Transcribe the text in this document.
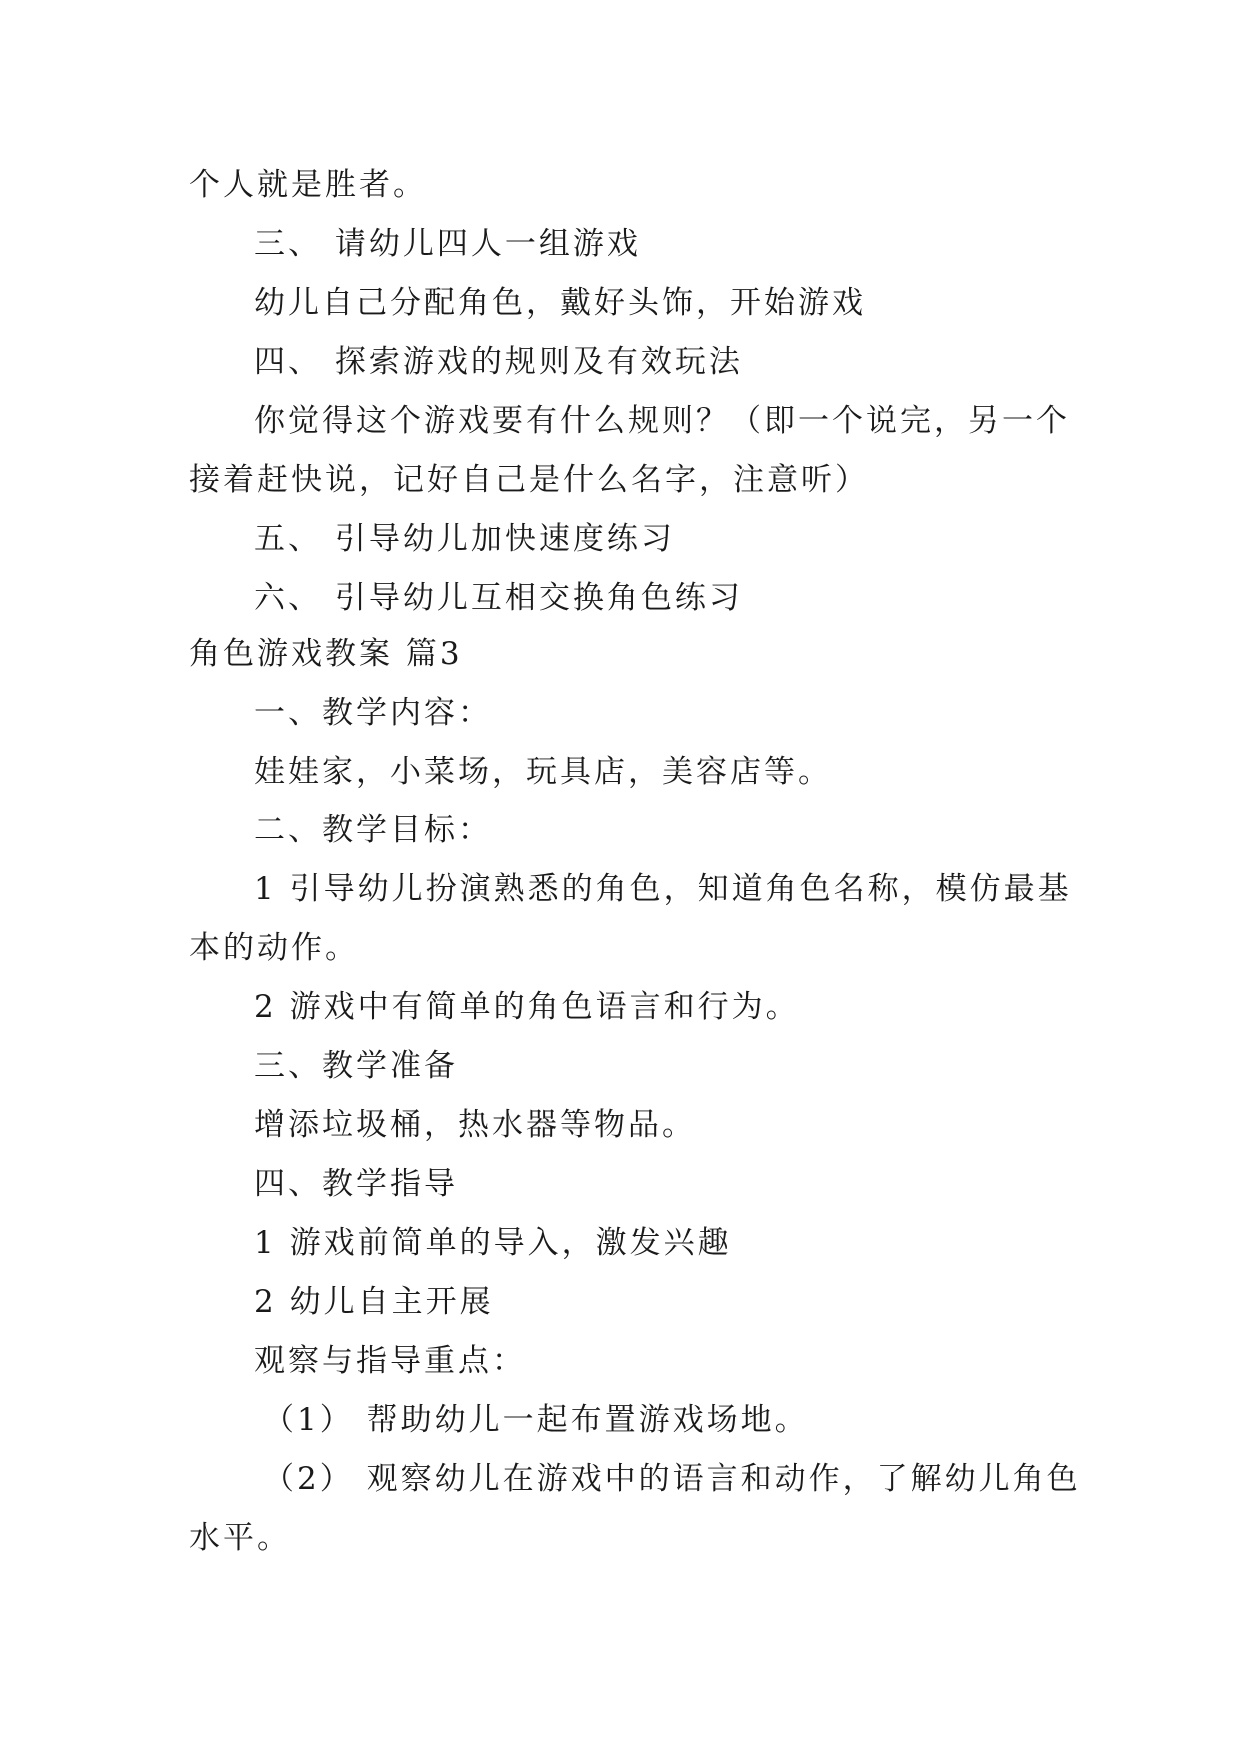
个人就是胜者。
三、 请幼儿四人一组游戏
幼儿自己分配角色，戴好头饰，开始游戏
四、 探索游戏的规则及有效玩法
你觉得这个游戏要有什么规则？（即一个说完，另一个
接着赶快说，记好自己是什么名字，注意听）
五、 引导幼儿加快速度练习
六、 引导幼儿互相交换角色练习
角色游戏教案 篇3
一、教学内容：
娃娃家，小菜场，玩具店，美容店等。
二、教学目标：
1 引导幼儿扮演熟悉的角色，知道角色名称，模仿最基
本的动作。
2 游戏中有简单的角色语言和行为。
三、教学准备
增添垃圾桶，热水器等物品。
四、教学指导
1 游戏前简单的导入，激发兴趣
2 幼儿自主开展
观察与指导重点：
（1） 帮助幼儿一起布置游戏场地。
（2） 观察幼儿在游戏中的语言和动作，了解幼儿角色
水平。
